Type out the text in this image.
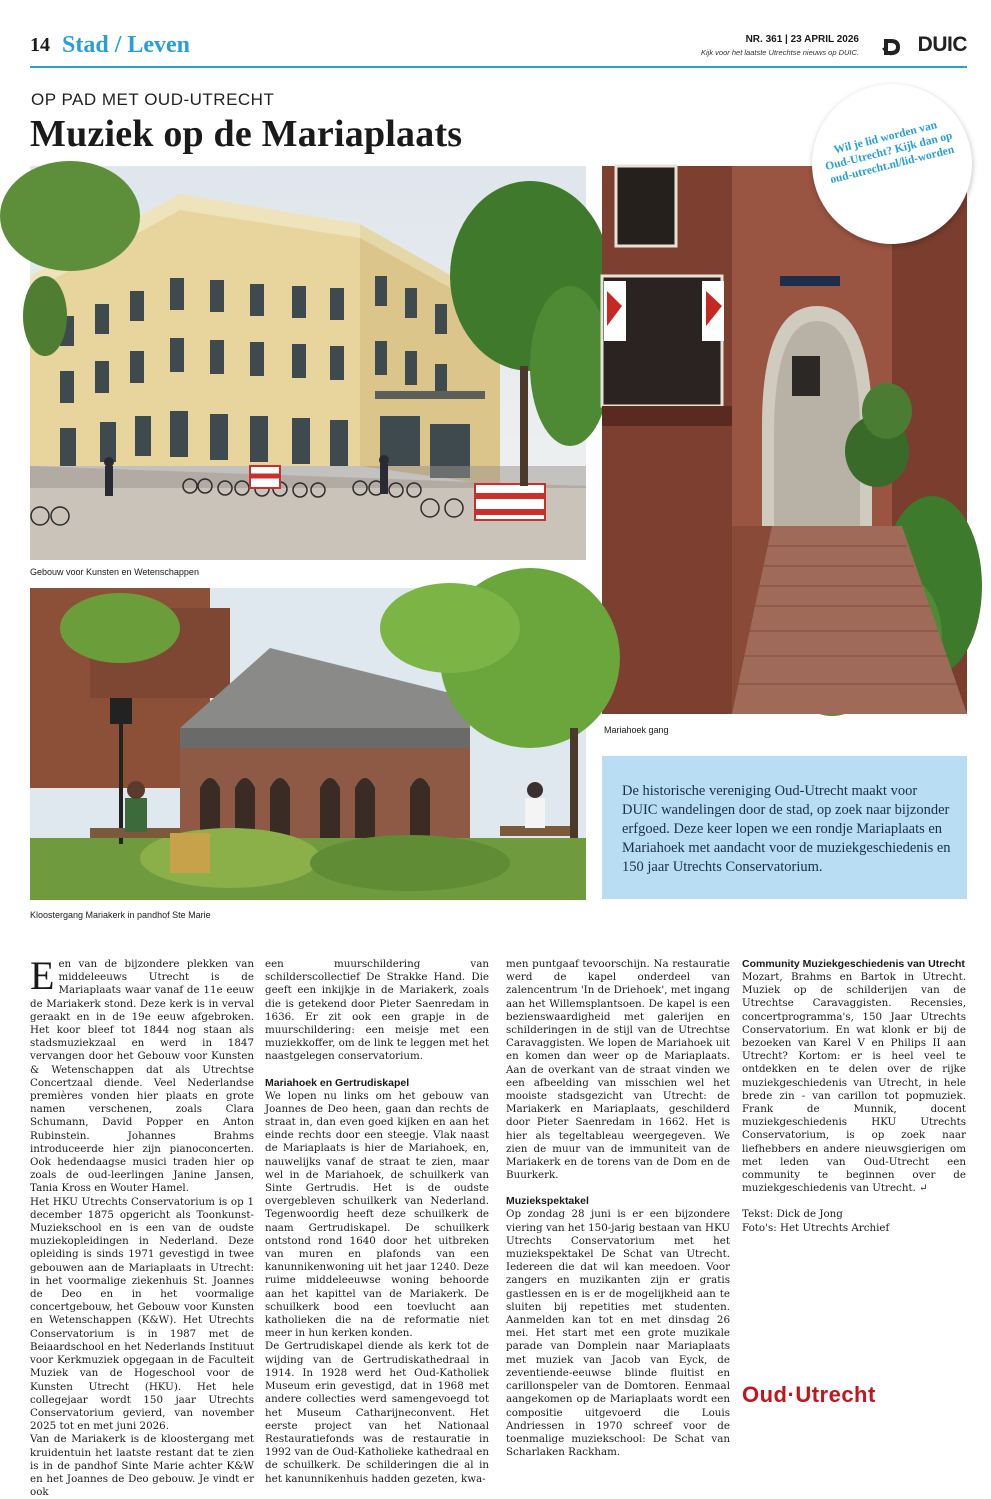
14 Stad / Leven	NR. 361 | 23 APRIL 2026
Kijk voor het laatste Utrechtse nieuws op DUIC.	DUIC
OP PAD MET OUD-UTRECHT
Muziek op de Mariaplaats
Gebouw voor Kunsten en Wetenschappen
Mariahoek gang
Wil je lid worden van Oud-Utrecht? Kijk dan op oud-utrecht.nl/lid-worden
Kloostergang Mariakerk in pandhof Ste Marie
De historische vereniging Oud-Utrecht maakt voor DUIC wandelingen door de stad, op zoek naar bijzonder erfgoed. Deze keer lopen we een rondje Mariaplaats en Mariahoek met aandacht voor de muziekgeschiedenis en 150 jaar Utrechts Conservatorium.

Een van de bijzondere plekken van middeleeuws Utrecht is de Mariaplaats waar vanaf de 11e eeuw de Mariakerk stond. Deze kerk is in verval geraakt en in de 19e eeuw afgebroken. Het koor bleef tot 1844 nog staan als stadsmuziekzaal en werd in 1847 vervangen door het Gebouw voor Kunsten & Wetenschappen dat als Utrechtse Concertzaal diende. Veel Nederlandse premières vonden hier plaats en grote namen verschenen, zoals Clara Schumann, David Popper en Anton Rubinstein. Johannes Brahms introduceerde hier zijn pianoconcerten. Ook hedendaagse musici traden hier op zoals de oud-leerlingen Janine Jansen, Tania Kross en Wouter Hamel.

Het HKU Utrechts Conservatorium is op 1 december 1875 opgericht als Toonkunst-Muziekschool en is een van de oudste muziekopleidingen in Nederland. Deze opleiding is sinds 1971 gevestigd in twee gebouwen aan de Mariaplaats in Utrecht: in het voormalige ziekenhuis St. Joannes de Deo en in het voormalige concertgebouw, het Gebouw voor Kunsten en Wetenschappen (K&W). Het Utrechts Conservatorium is in 1987 met de Beiaardschool en het Nederlands Instituut voor Kerkmuziek opgegaan in de Faculteit Muziek van de Hogeschool voor de Kunsten Utrecht (HKU). Het hele collegejaar wordt 150 jaar Utrechts Conservatorium gevierd, van november 2025 tot en met juni 2026.

Van de Mariakerk is de kloostergang met kruidentuin het laatste restant dat te zien is in de pandhof Sinte Marie achter K&W en het Joannes de Deo gebouw. Je vindt er ook

een muurschildering van schilderscollectief De Strakke Hand. Die geeft een inkijkje in de Mariakerk, zoals die is getekend door Pieter Saenredam in 1636. Er zit ook een grapje in de muurschildering: een meisje met een muziekkoffer, om de link te leggen met het naastgelegen conservatorium.

Mariahoek en Gertrudiskapel

We lopen nu links om het gebouw van Joannes de Deo heen, gaan dan rechts de straat in, dan even goed kijken en aan het einde rechts door een steegje. Vlak naast de Mariaplaats is hier de Mariahoek, en, nauwelijks vanaf de straat te zien, maar wel in de Mariahoek, de schuilkerk van Sinte Gertrudis. Het is de oudste overgebleven schuilkerk van Nederland. Tegenwoordig heeft deze schuilkerk de naam Gertrudiskapel. De schuilkerk ontstond rond 1640 door het uitbreken van muren en plafonds van een kanunnikenwoning uit het jaar 1240. Deze ruime middeleeuwse woning behoorde aan het kapittel van de Mariakerk. De schuilkerk bood een toevlucht aan katholieken die na de reformatie niet meer in hun kerken konden.

De Gertrudiskapel diende als kerk tot de wijding van de Gertrudiskathedraal in 1914. In 1928 werd het Oud-Katholiek Museum erin gevestigd, dat in 1968 met andere collecties werd samengevoegd tot het Museum Catharijneconvent. Het eerste project van het Nationaal Restauratiefonds was de restauratie in 1992 van de Oud-Katholieke kathedraal en de schuilkerk. De schilderingen die al in het kanunnikenhuis hadden gezeten, kwa-

men puntgaaf tevoorschijn. Na restauratie werd de kapel onderdeel van zalencentrum 'In de Driehoek', met ingang aan het Willemsplantsoen. De kapel is een bezienswaardigheid met galerijen en schilderingen in de stijl van de Utrechtse Caravaggisten. We lopen de Mariahoek uit en komen dan weer op de Mariaplaats. Aan de overkant van de straat vinden we een afbeelding van misschien wel het mooiste stadsgezicht van Utrecht: de Mariakerk en Mariaplaats, geschilderd door Pieter Saenredam in 1662. Het is hier als tegeltableau weergegeven. We zien de muur van de immuniteit van de Mariakerk en de torens van de Dom en de Buurkerk.

Muziekspektakel

Op zondag 28 juni is er een bijzondere viering van het 150-jarig bestaan van HKU Utrechts Conservatorium met het muziekspektakel De Schat van Utrecht. Iedereen die dat wil kan meedoen. Voor zangers en muzikanten zijn er gratis gastlessen en is er de mogelijkheid aan te sluiten bij repetities met studenten. Aanmelden kan tot en met dinsdag 26 mei. Het start met een grote muzikale parade van Domplein naar Mariaplaats met muziek van Jacob van Eyck, de zeventiende-eeuwse blinde fluitist en carillonspeler van de Domtoren. Eenmaal aangekomen op de Mariaplaats wordt een compositie uitgevoerd die Louis Andriessen in 1970 schreef voor de toenmalige muziekschool: De Schat van Scharlaken Rackham.

Community Muziekgeschiedenis van Utrecht

Mozart, Brahms en Bartok in Utrecht. Muziek op de schilderijen van de Utrechtse Caravaggisten. Recensies, concertprogramma's, 150 Jaar Utrechts Conservatorium. En wat klonk er bij de bezoeken van Karel V en Philips II aan Utrecht? Kortom: er is heel veel te ontdekken en te delen over de rijke muziekgeschiedenis van Utrecht, in hele brede zin - van carillon tot popmuziek. Frank de Munnik, docent muziekgeschiedenis HKU Utrechts Conservatorium, is op zoek naar liefhebbers en andere nieuwsgierigen om met leden van Oud-Utrecht een community te beginnen over de muziekgeschiedenis van Utrecht. ↵

Tekst: Dick de Jong
Foto's: Het Utrechts Archief
Oud·Utrecht
